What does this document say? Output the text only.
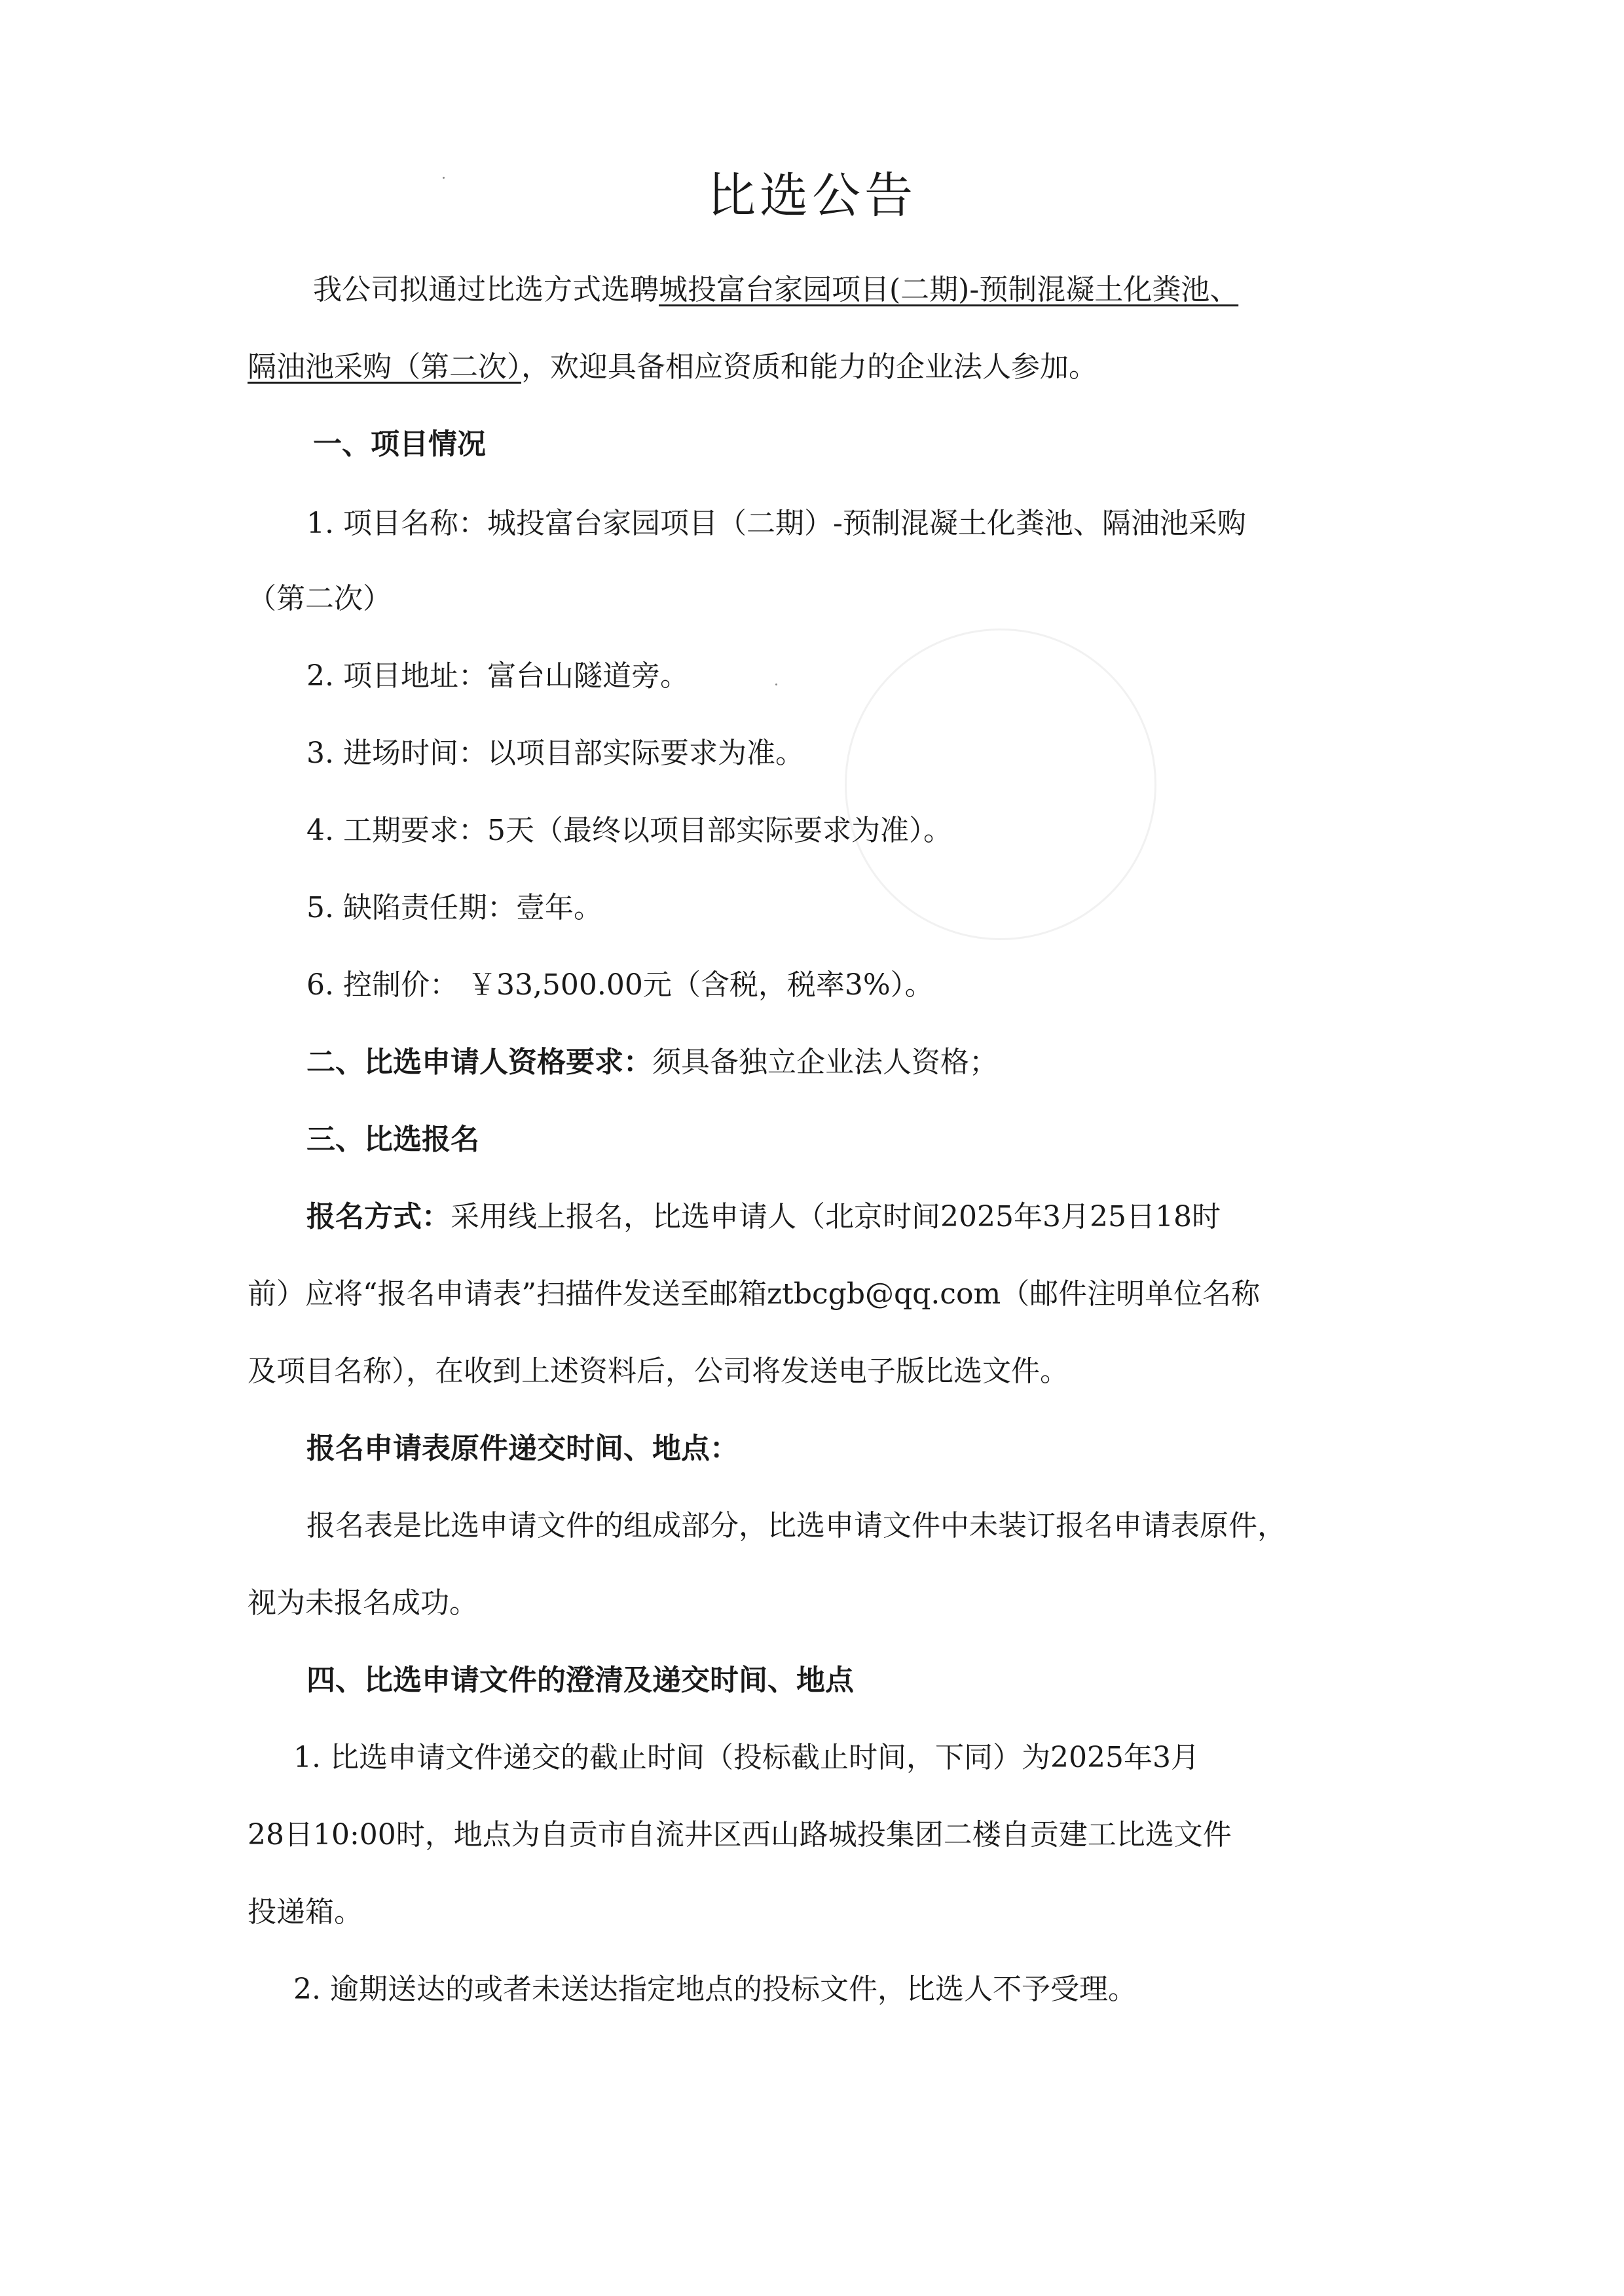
比选公告
我公司拟通过比选方式选聘城投富台家园项目(二期)-预制混凝土化粪池、
隔油池采购（第二次），欢迎具备相应资质和能力的企业法人参加。
一、项目情况
1. 项目名称：城投富台家园项目（二期）-预制混凝土化粪池、隔油池采购
（第二次）
2. 项目地址：富台山隧道旁。
3. 进场时间：以项目部实际要求为准。
4. 工期要求：5天（最终以项目部实际要求为准）。
5. 缺陷责任期：壹年。
6. 控制价： ￥33,500.00元（含税，税率3%）。
二、比选申请人资格要求：须具备独立企业法人资格；
三、比选报名
报名方式：采用线上报名，比选申请人（北京时间2025年3月25日18时
前）应将“报名申请表”扫描件发送至邮箱ztbcgb@qq.com（邮件注明单位名称
及项目名称），在收到上述资料后，公司将发送电子版比选文件。
报名申请表原件递交时间、地点：
报名表是比选申请文件的组成部分，比选申请文件中未装订报名申请表原件，
视为未报名成功。
四、比选申请文件的澄清及递交时间、地点
1. 比选申请文件递交的截止时间（投标截止时间，下同）为2025年3月
28日10:00时，地点为自贡市自流井区西山路城投集团二楼自贡建工比选文件
投递箱。
2. 逾期送达的或者未送达指定地点的投标文件，比选人不予受理。
